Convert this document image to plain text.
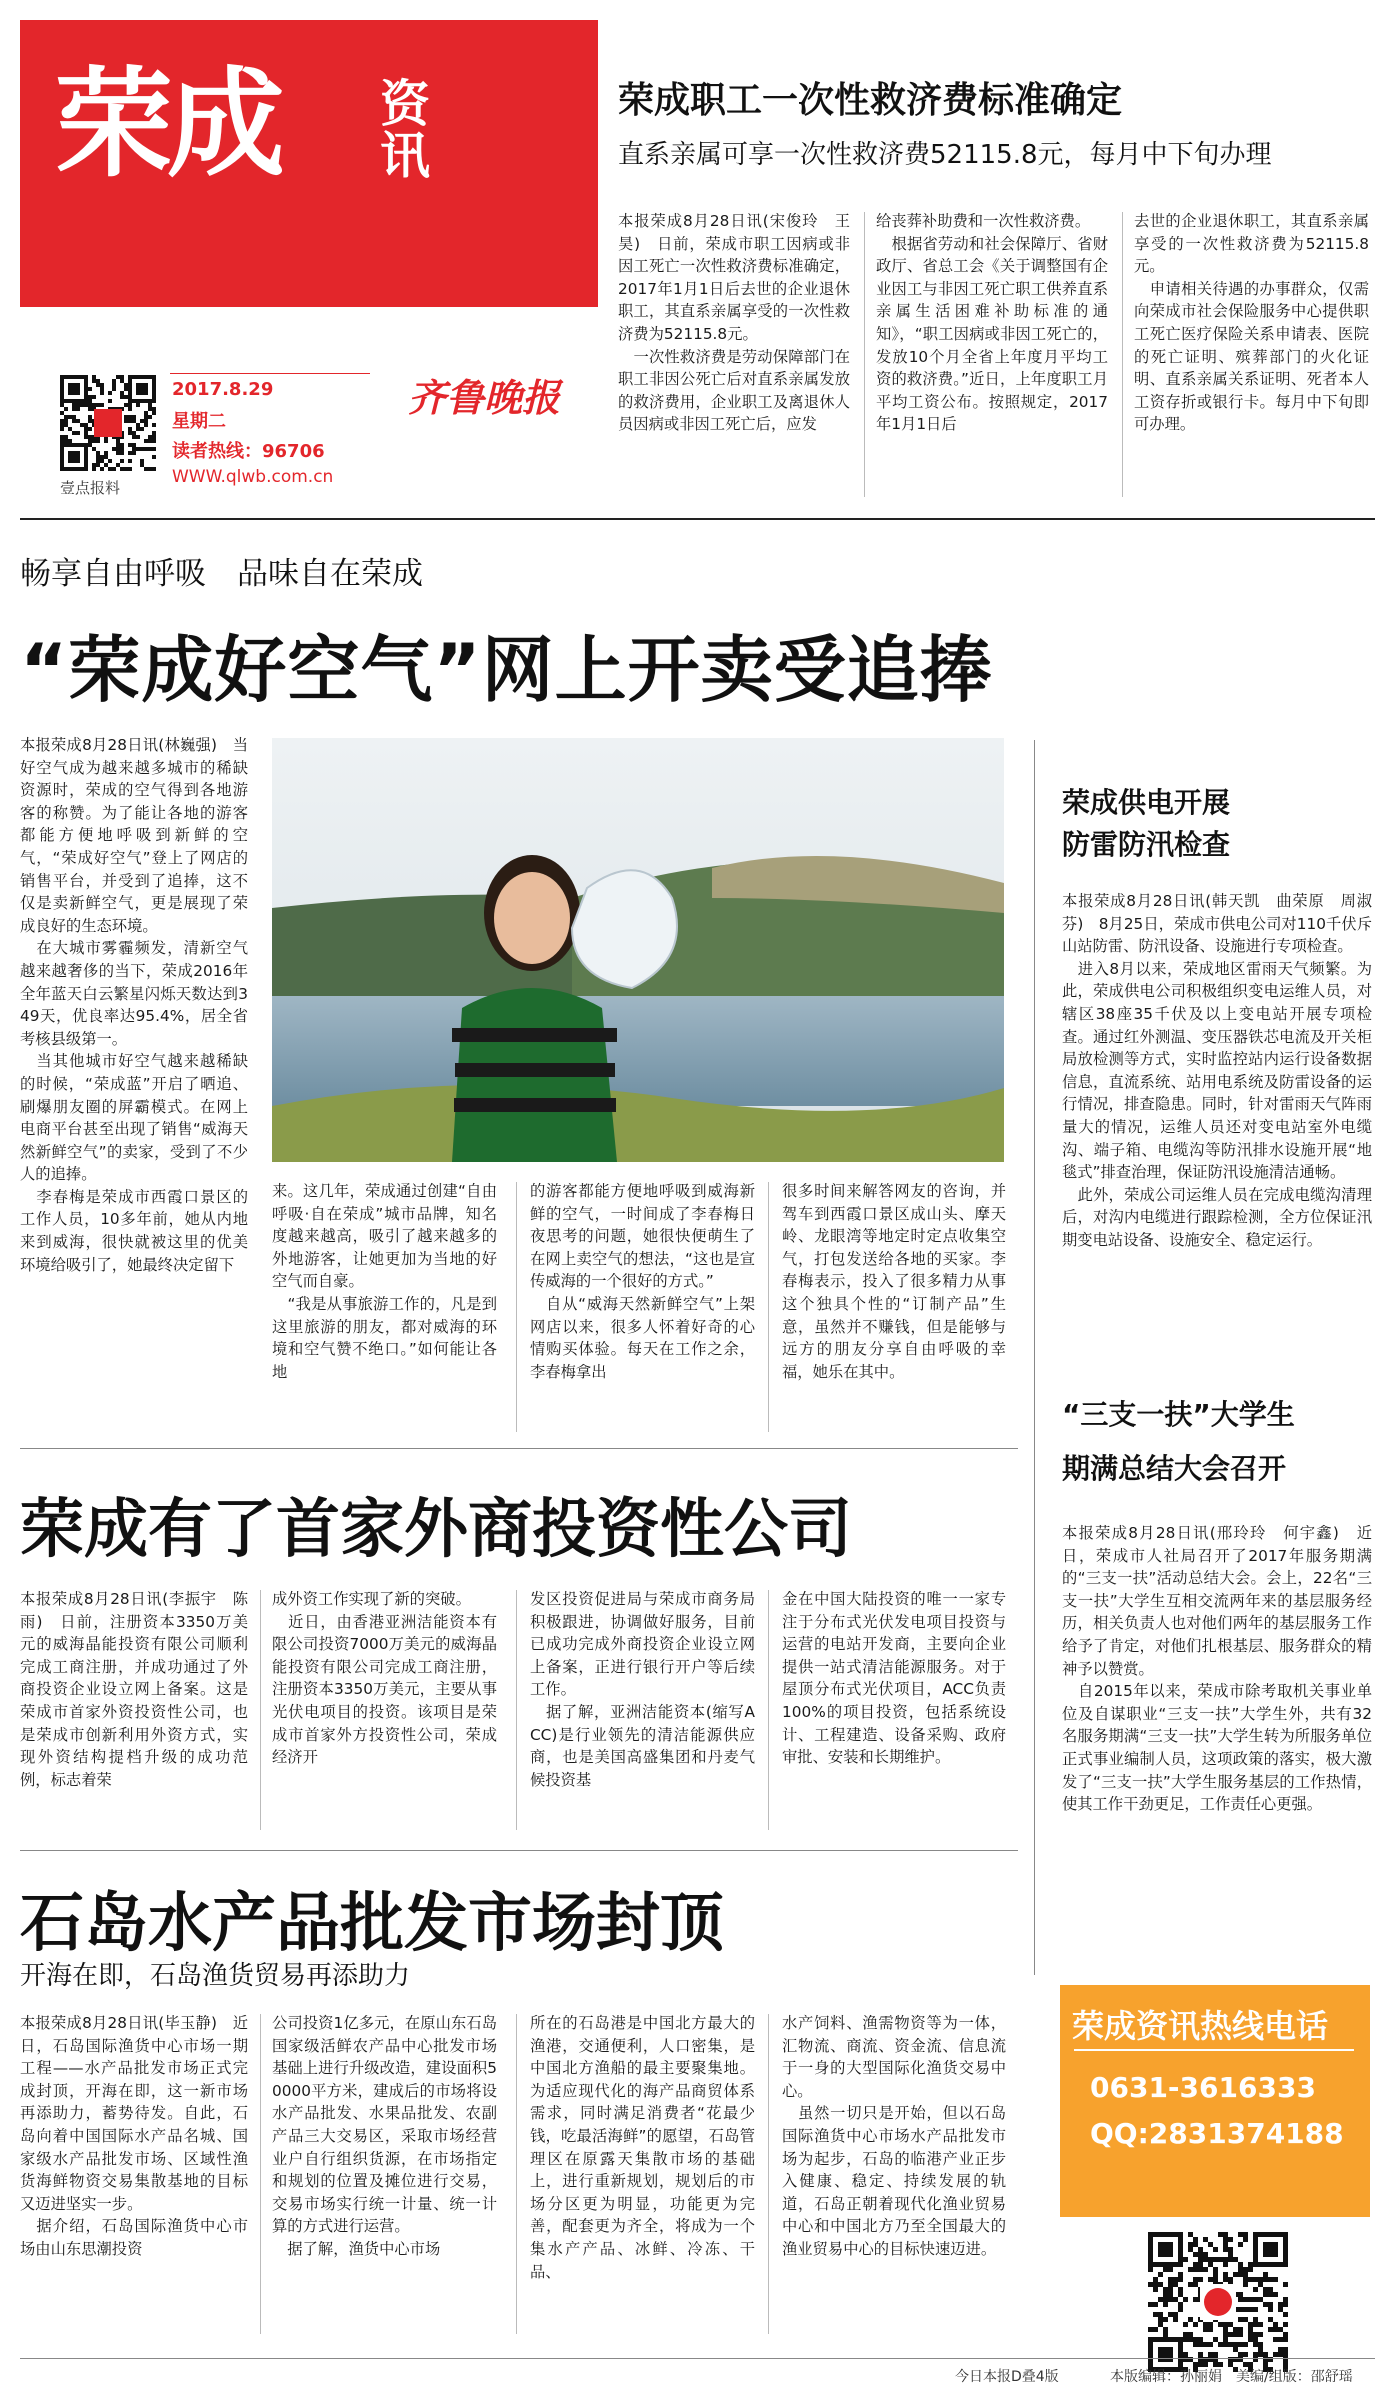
荣成 资讯
壹点报料
2017.8.29
星期二
读者热线：96706
WWW.qlwb.com.cn
齐鲁晚报
荣成职工一次性救济费标准确定
直系亲属可享一次性救济费52115.8元，每月中下旬办理
本报荣成8月28日讯(宋俊玲　王昊)　日前，荣成市职工因病或非因工死亡一次性救济费标准确定，2017年1月1日后去世的企业退休职工，其直系亲属享受的一次性救济费为52115.8元。
　一次性救济费是劳动保障部门在职工非因公死亡后对直系亲属发放的救济费用，企业职工及离退休人员因病或非因工死亡后，应发
给丧葬补助费和一次性救济费。
　根据省劳动和社会保障厅、省财政厅、省总工会《关于调整国有企业因工与非因工死亡职工供养直系亲属生活困难补助标准的通知》，“职工因病或非因工死亡的，发放10个月全省上年度月平均工资的救济费。”近日，上年度职工月平均工资公布。按照规定，2017年1月1日后
去世的企业退休职工，其直系亲属享受的一次性救济费为52115.8元。
　申请相关待遇的办事群众，仅需向荣成市社会保险服务中心提供职工死亡医疗保险关系申请表、医院的死亡证明、殡葬部门的火化证明、直系亲属关系证明、死者本人工资存折或银行卡。每月中下旬即可办理。
畅享自由呼吸　品味自在荣成
“荣成好空气”网上开卖受追捧
本报荣成8月28日讯(林巍强)　当好空气成为越来越多城市的稀缺资源时，荣成的空气得到各地游客的称赞。为了能让各地的游客都能方便地呼吸到新鲜的空气，“荣成好空气”登上了网店的销售平台，并受到了追捧，这不仅是卖新鲜空气，更是展现了荣成良好的生态环境。
　在大城市雾霾频发，清新空气越来越奢侈的当下，荣成2016年全年蓝天白云繁星闪烁天数达到349天，优良率达95.4%，居全省考核县级第一。
　当其他城市好空气越来越稀缺的时候，“荣成蓝”开启了晒追、刷爆朋友圈的屏霸模式。在网上电商平台甚至出现了销售“威海天然新鲜空气”的卖家，受到了不少人的追捧。
　李春梅是荣成市西霞口景区的工作人员，10多年前，她从内地来到威海，很快就被这里的优美环境给吸引了，她最终决定留下
来。这几年，荣成通过创建“自由呼吸·自在荣成”城市品牌，知名度越来越高，吸引了越来越多的外地游客，让她更加为当地的好空气而自豪。
　“我是从事旅游工作的，凡是到这里旅游的朋友，都对威海的环境和空气赞不绝口。”如何能让各地
的游客都能方便地呼吸到威海新鲜的空气，一时间成了李春梅日夜思考的问题，她很快便萌生了在网上卖空气的想法，“这也是宣传威海的一个很好的方式。”
　自从“威海天然新鲜空气”上架网店以来，很多人怀着好奇的心情购买体验。每天在工作之余，李春梅拿出
很多时间来解答网友的咨询，并驾车到西霞口景区成山头、摩天岭、龙眼湾等地定时定点收集空气，打包发送给各地的买家。李春梅表示，投入了很多精力从事这个独具个性的“订制产品”生意，虽然并不赚钱，但是能够与远方的朋友分享自由呼吸的幸福，她乐在其中。
荣成供电开展
防雷防汛检查
本报荣成8月28日讯(韩天凯　曲荣原　周淑芬)　8月25日，荣成市供电公司对110千伏斥山站防雷、防汛设备、设施进行专项检查。
　进入8月以来，荣成地区雷雨天气频繁。为此，荣成供电公司积极组织变电运维人员，对辖区38座35千伏及以上变电站开展专项检查。通过红外测温、变压器铁芯电流及开关柜局放检测等方式，实时监控站内运行设备数据信息，直流系统、站用电系统及防雷设备的运行情况，排查隐患。同时，针对雷雨天气阵雨量大的情况，运维人员还对变电站室外电缆沟、端子箱、电缆沟等防汛排水设施开展“地毯式”排查治理，保证防汛设施清洁通畅。
　此外，荣成公司运维人员在完成电缆沟清理后，对沟内电缆进行跟踪检测，全方位保证汛期变电站设备、设施安全、稳定运行。
“三支一扶”大学生
期满总结大会召开
本报荣成8月28日讯(邢玲玲　何宇鑫)　近日，荣成市人社局召开了2017年服务期满的“三支一扶”活动总结大会。会上，22名“三支一扶”大学生互相交流两年来的基层服务经历，相关负责人也对他们两年的基层服务工作给予了肯定，对他们扎根基层、服务群众的精神予以赞赏。
　自2015年以来，荣成市除考取机关事业单位及自谋职业“三支一扶”大学生外，共有32名服务期满“三支一扶”大学生转为所服务单位正式事业编制人员，这项政策的落实，极大激发了“三支一扶”大学生服务基层的工作热情，使其工作干劲更足，工作责任心更强。
荣成有了首家外商投资性公司
本报荣成8月28日讯(李振宇　陈雨)　日前，注册资本3350万美元的威海晶能投资有限公司顺利完成工商注册，并成功通过了外商投资企业设立网上备案。这是荣成市首家外资投资性公司，也是荣成市创新利用外资方式，实现外资结构提档升级的成功范例，标志着荣
成外资工作实现了新的突破。
　近日，由香港亚洲洁能资本有限公司投资7000万美元的威海晶能投资有限公司完成工商注册，注册资本3350万美元，主要从事光伏电项目的投资。该项目是荣成市首家外方投资性公司，荣成经济开
发区投资促进局与荣成市商务局积极跟进，协调做好服务，目前已成功完成外商投资企业设立网上备案，正进行银行开户等后续工作。
　据了解，亚洲洁能资本(缩写ACC)是行业领先的清洁能源供应商，也是美国高盛集团和丹麦气候投资基
金在中国大陆投资的唯一一家专注于分布式光伏发电项目投资与运营的电站开发商，主要向企业提供一站式清洁能源服务。对于屋顶分布式光伏项目，ACC负责100%的项目投资，包括系统设计、工程建造、设备采购、政府审批、安装和长期维护。
石岛水产品批发市场封顶
开海在即，石岛渔货贸易再添助力
本报荣成8月28日讯(毕玉静)　近日，石岛国际渔货中心市场一期工程——水产品批发市场正式完成封顶，开海在即，这一新市场再添助力，蓄势待发。自此，石岛向着中国国际水产品名城、国家级水产品批发市场、区域性渔货海鲜物资交易集散基地的目标又迈进坚实一步。
　据介绍，石岛国际渔货中心市场由山东思潮投资
公司投资1亿多元，在原山东石岛国家级活鲜农产品中心批发市场基础上进行升级改造，建设面积50000平方米，建成后的市场将设水产品批发、水果品批发、农副产品三大交易区，采取市场经营业户自行组织货源，在市场指定和规划的位置及摊位进行交易，交易市场实行统一计量、统一计算的方式进行运营。
　据了解，渔货中心市场
所在的石岛港是中国北方最大的渔港，交通便利，人口密集，是中国北方渔船的最主要聚集地。为适应现代化的海产品商贸体系需求，同时满足消费者“花最少钱，吃最活海鲜”的愿望，石岛管理区在原露天集散市场的基础上，进行重新规划，规划后的市场分区更为明显，功能更为完善，配套更为齐全，将成为一个集水产产品、冰鲜、冷冻、干品、
水产饲料、渔需物资等为一体，汇物流、商流、资金流、信息流于一身的大型国际化渔货交易中心。
　虽然一切只是开始，但以石岛国际渔货中心市场水产品批发市场为起步，石岛的临港产业正步入健康、稳定、持续发展的轨道，石岛正朝着现代化渔业贸易中心和中国北方乃至全国最大的渔业贸易中心的目标快速迈进。
荣成资讯热线电话
0631-3616333
QQ:2831374188
今日本报D叠4版	本版编辑：孙丽娟　美编/组版：邵舒瑶
